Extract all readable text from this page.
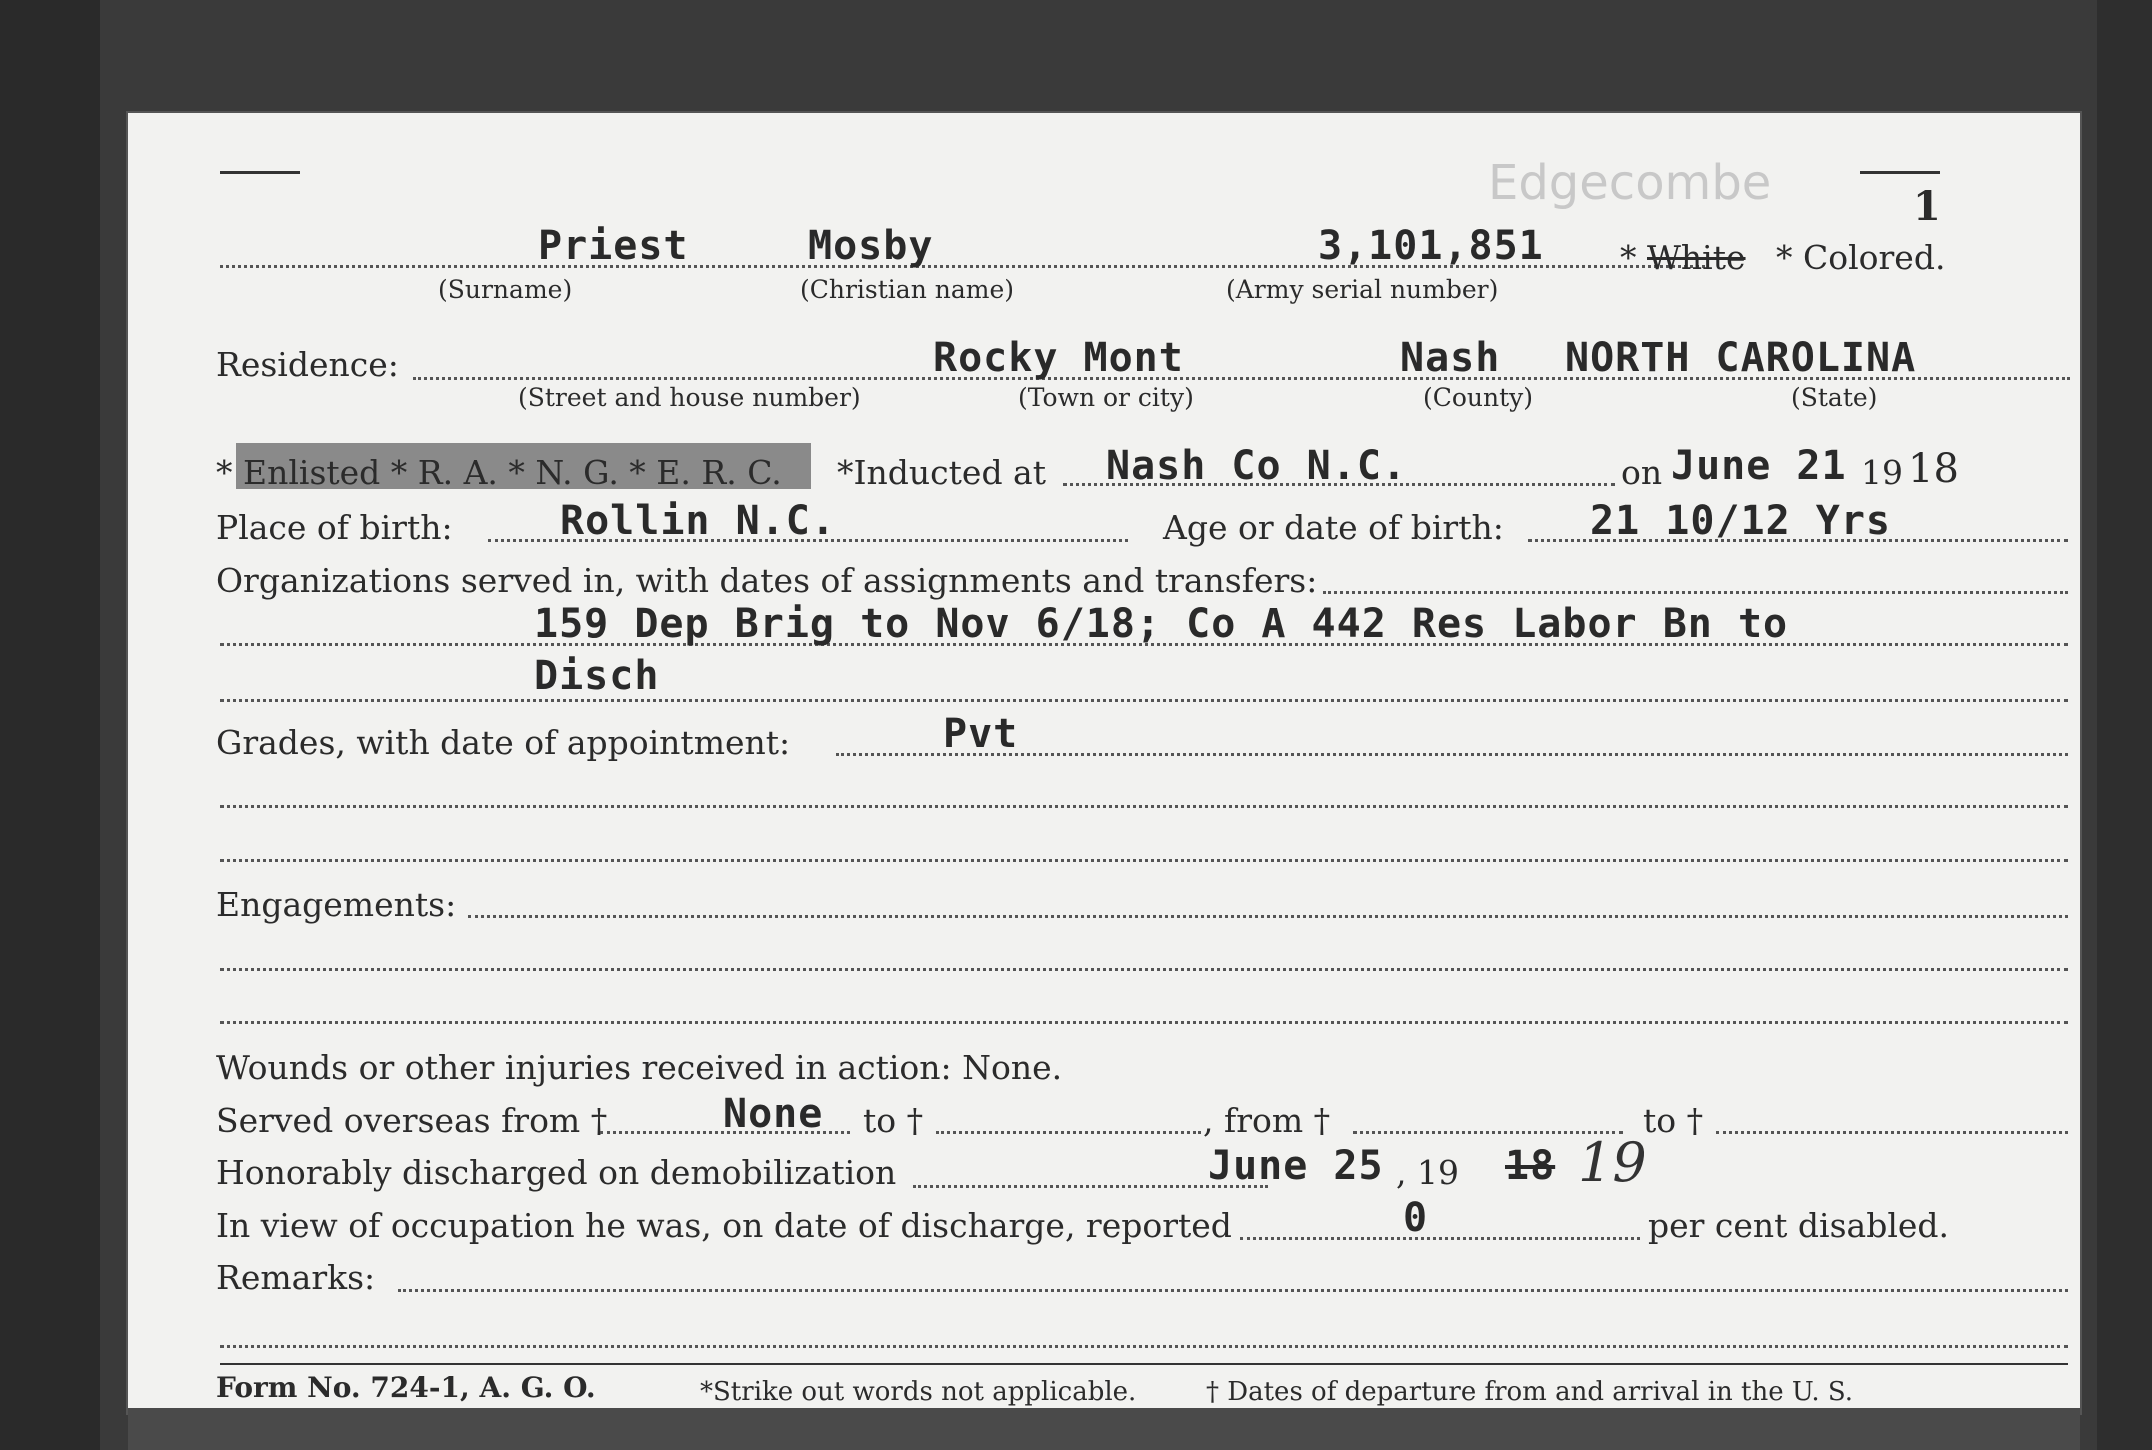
1
Edgecombe
Priest	Mosby	3,101,851 * White * Colored.
(Surname)	(Christian name)	(Army serial number)
Residence:	Rocky Mont	Nash NORTH CAROLINA
(Street and house number)	(Town or city)	(County)	(State)
* Enlisted * R. A. * N. G. * E. R. C. *Inducted at Nash Co N.C.	on June 21 19 18
Place of birth:	Rollin N.C.	Age or date of birth: 21 10/12 Yrs
Organizations served in, with dates of assignments and transfers:
159 Dep Brig to Nov 6/18; Co A 442 Res Labor Bn to
Disch
Grades, with date of appointment:	Pvt
Engagements:
Wounds or other injuries received in action: None.
Served overseas from †	None to †	, from †	to †
Honorably discharged on demobilization	June 25 , 19 18 19
In view of occupation he was, on date of discharge, reported	0	per cent disabled.
Remarks:
Form No. 724-1, A. G. O.	*Strike out words not applicable.	† Dates of departure from and arrival in the U. S.
